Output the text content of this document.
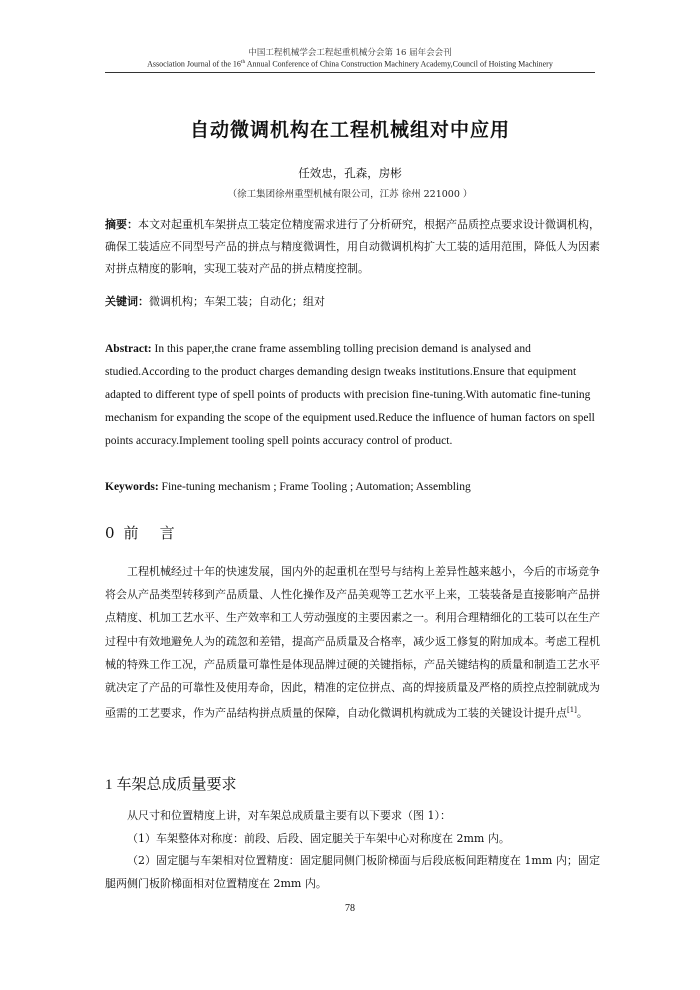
中国工程机械学会工程起重机械分会第 16 届年会会刊
Association Journal of the 16th Annual Conference of China Construction Machinery Academy,Council of Hoisting Machinery
自动微调机构在工程机械组对中应用
任效忠，孔森，房彬
（徐工集团徐州重型机械有限公司，江苏 徐州 221000 ）
摘要：本文对起重机车架拼点工装定位精度需求进行了分析研究，根据产品质控点要求设计微调机构，确保工装适应不同型号产品的拼点与精度微调性，用自动微调机构扩大工装的适用范围，降低人为因素对拼点精度的影响，实现工装对产品的拼点精度控制。
关键词：微调机构；车架工装；自动化；组对
Abstract: In this paper,the crane frame assembling tolling precision demand is analysed and studied.According to the product charges demanding design tweaks institutions.Ensure that equipment adapted to different type of spell points of products with precision fine-tuning.With automatic fine-tuning mechanism for expanding the scope of the equipment used.Reduce the influence of human factors on spell points accuracy.Implement tooling spell points accuracy control of product.
Keywords: Fine-tuning mechanism ; Frame Tooling ; Automation; Assembling
0 前 言

工程机械经过十年的快速发展，国内外的起重机在型号与结构上差异性越来越小，今后的市场竞争将会从产品类型转移到产品质量、人性化操作及产品美观等工艺水平上来，工装装备是直接影响产品拼点精度、机加工艺水平、生产效率和工人劳动强度的主要因素之一。利用合理精细化的工装可以在生产过程中有效地避免人为的疏忽和差错，提高产品质量及合格率，减少返工修复的附加成本。考虑工程机械的特殊工作工况，产品质量可靠性是体现品牌过硬的关键指标，产品关键结构的质量和制造工艺水平就决定了产品的可靠性及使用寿命，因此，精准的定位拼点、高的焊接质量及严格的质控点控制就成为亟需的工艺要求，作为产品结构拼点质量的保障，自动化微调机构就成为工装的关键设计提升点[1]。

1 车架总成质量要求

从尺寸和位置精度上讲，对车架总成质量主要有以下要求（图 1）：

（1）车架整体对称度：前段、后段、固定腿关于车架中心对称度在 2mm 内。

（2）固定腿与车架相对位置精度：固定腿同侧门板阶梯面与后段底板间距精度在 1mm 内；固定腿两侧门板阶梯面相对位置精度在 2mm 内。

78
